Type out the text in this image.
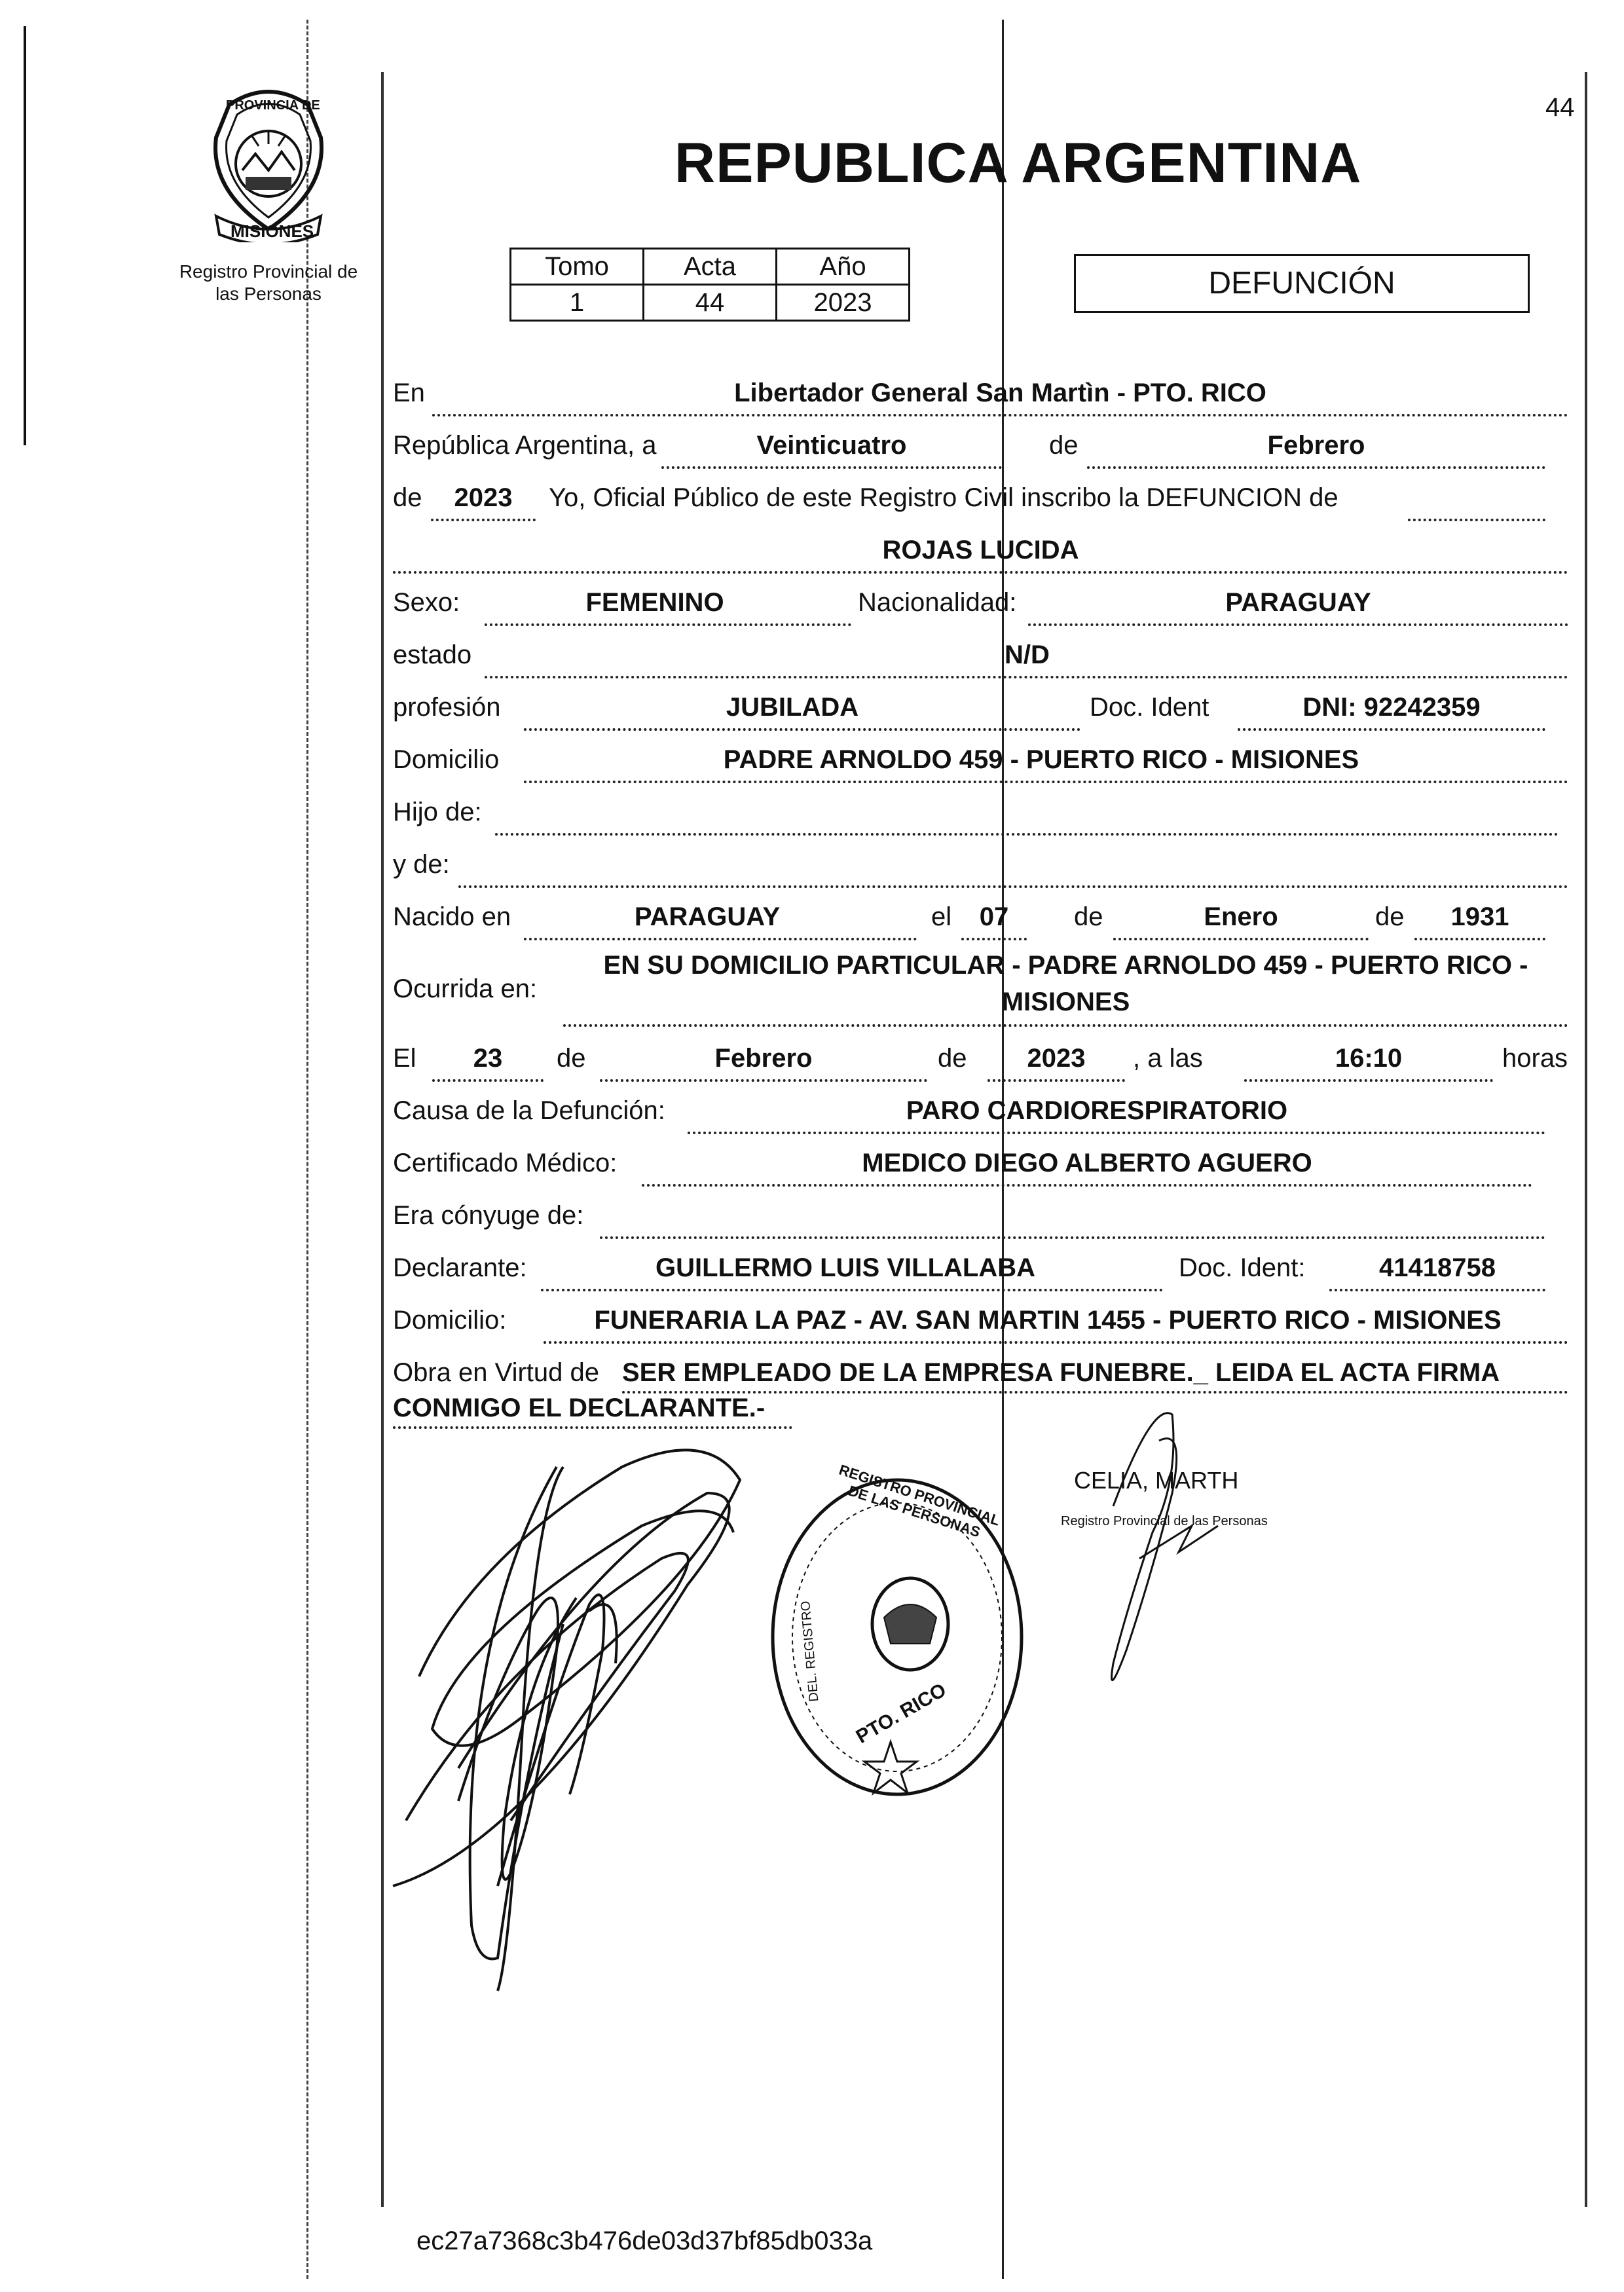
44
PROVINCIA DE
MISIONES
Registro Provincial de
las Personas
REPUBLICA ARGENTINA
Tomo	Acta	Año
1	44	2023
DEFUNCIÓN
En	Libertador General San Martìn - PTO. RICO
República Argentina, a	Veinticuatro	de	Febrero
de	2023	Yo, Oficial Público de este Registro Civil inscribo la DEFUNCION de
ROJAS LUCIDA
Sexo:	FEMENINO	Nacionalidad:	PARAGUAY
estado	N/D
profesión	JUBILADA	Doc. Ident	DNI: 92242359
Domicilio	PADRE ARNOLDO 459 - PUERTO RICO - MISIONES
Hijo de:
y de:
Nacido en	PARAGUAY	el	07	de	Enero	de	1931
Ocurrida en:
EN SU DOMICILIO PARTICULAR - PADRE ARNOLDO 459 - PUERTO RICO -
MISIONES
El	23	de	Febrero	de	2023	, a las	16:10	horas
Causa de la Defunción:	PARO CARDIORESPIRATORIO
Certificado Médico:	MEDICO DIEGO ALBERTO AGUERO
Era cónyuge de:
Declarante:	GUILLERMO LUIS VILLALABA	Doc. Ident:	41418758
Domicilio:	FUNERARIA LA PAZ - AV. SAN MARTIN 1455 - PUERTO RICO - MISIONES
Obra en Virtud de SER EMPLEADO DE LA EMPRESA FUNEBRE._ LEIDA EL ACTA FIRMA
CONMIGO EL DECLARANTE.-
REGISTRO PROVINCIAL DE LAS PERSONAS
DEL. REGISTRO
PTO. RICO
CELIA, MARTH
Registro Provincial de las Personas
ec27a7368c3b476de03d37bf85db033a
